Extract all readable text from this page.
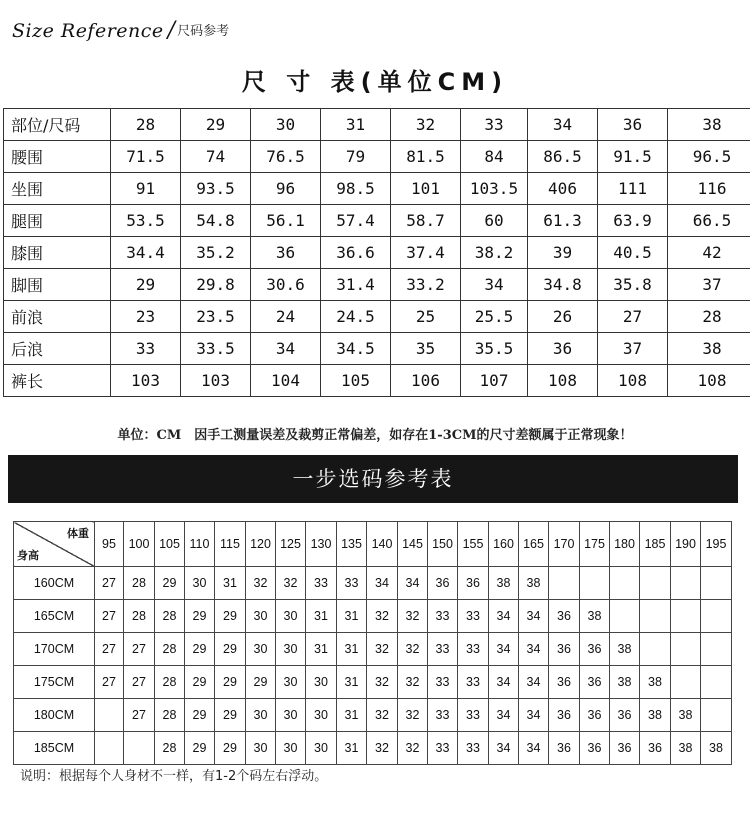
Size Reference / 尺码参考
尺 寸 表(单位CM)
部位/尺码	28	29	30	31	32	33	34	36	38
腰围	71.5	74	76.5	79	81.5	84	86.5	91.5	96.5
坐围	91	93.5	96	98.5	101	103.5	406	111	116
腿围	53.5	54.8	56.1	57.4	58.7	60	61.3	63.9	66.5
膝围	34.4	35.2	36	36.6	37.4	38.2	39	40.5	42
脚围	29	29.8	30.6	31.4	33.2	34	34.8	35.8	37
前浪	23	23.5	24	24.5	25	25.5	26	27	28
后浪	33	33.5	34	34.5	35	35.5	36	37	38
裤长	103	103	104	105	106	107	108	108	108
单位：CM　因手工测量误差及裁剪正常偏差，如存在1-3CM的尺寸差额属于正常现象！
一步选码参考表
体重
身高	95	100	105	110	115	120	125	130	135	140	145	150	155	160	165	170	175	180	185	190	195
160CM	27	28	29	30	31	32	32	33	33	34	34	36	36	38	38						
165CM	27	28	28	29	29	30	30	31	31	32	32	33	33	34	34	36	38				
170CM	27	27	28	29	29	30	30	31	31	32	32	33	33	34	34	36	36	38			
175CM	27	27	28	29	29	29	30	30	31	32	32	33	33	34	34	36	36	38	38		
180CM		27	28	29	29	30	30	30	31	32	32	33	33	34	34	36	36	36	38	38	
185CM			28	29	29	30	30	30	31	32	32	33	33	34	34	36	36	36	36	38	38
说明：根据每个人身材不一样，有1-2个码左右浮动。
